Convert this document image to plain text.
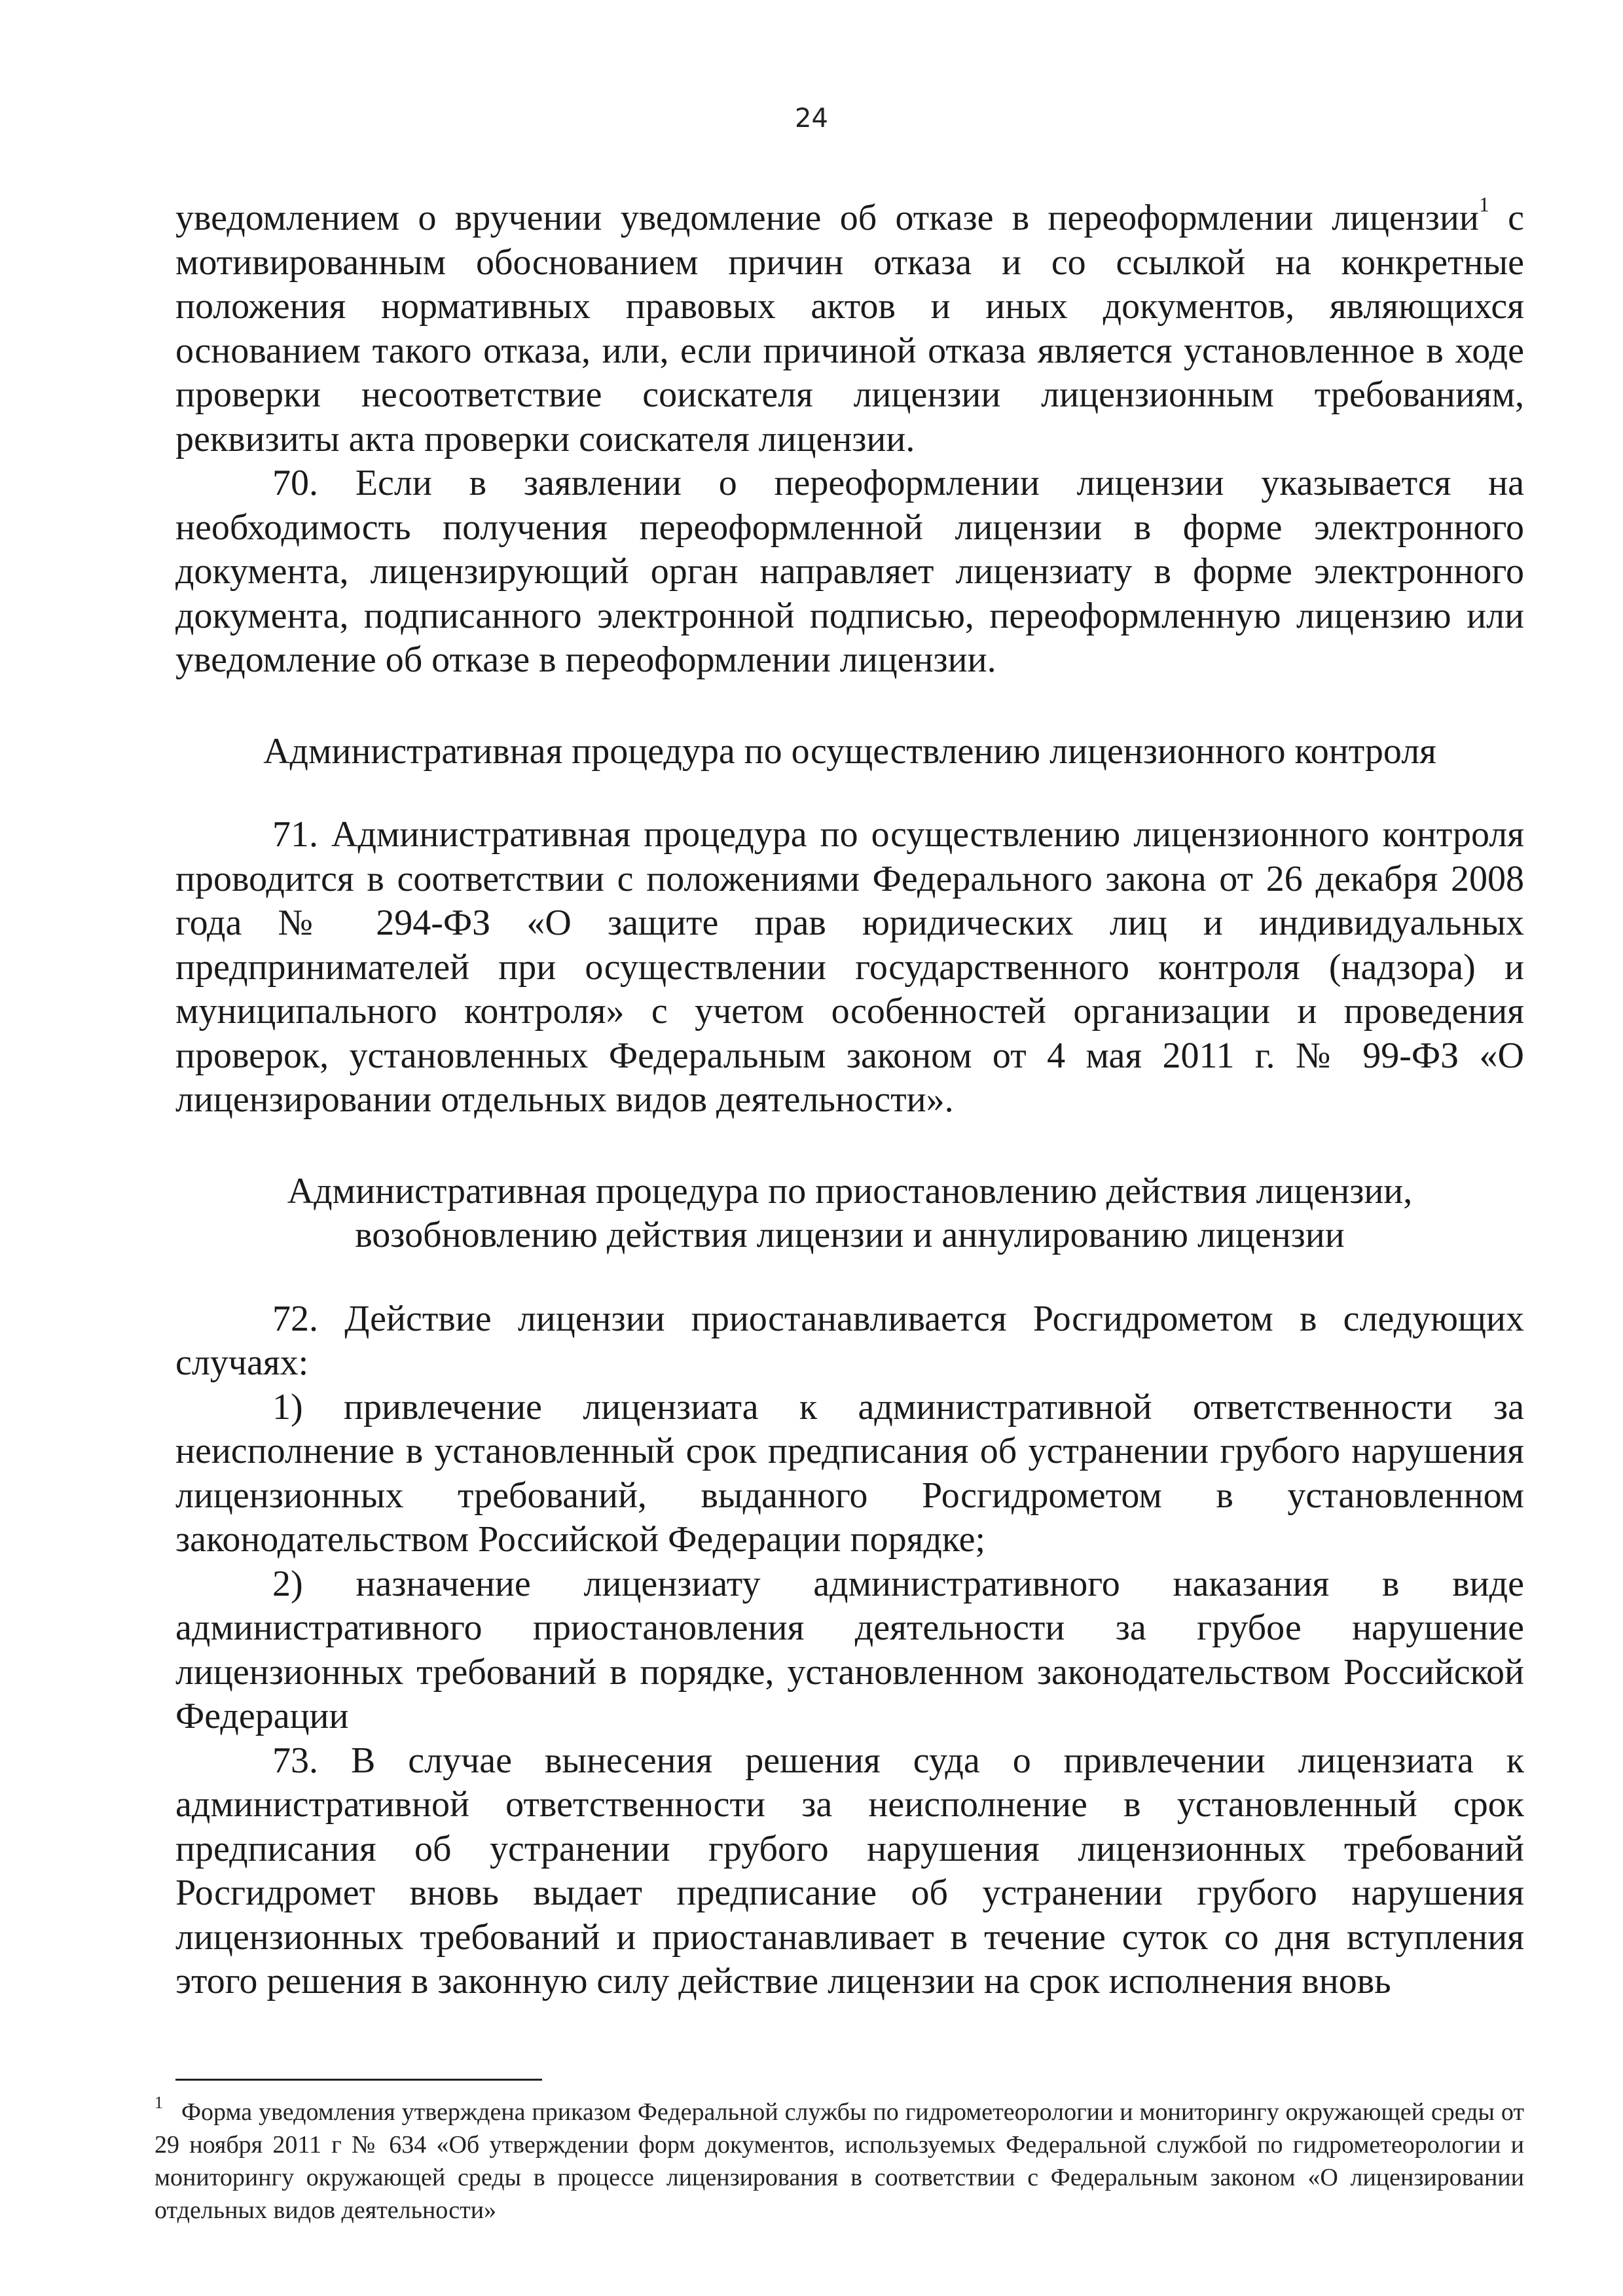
24

уведомлением о вручении уведомление об отказе в переоформлении лицензии$^1$ с мотивированным обоснованием причин отказа и со ссылкой на конкретные положения нормативных правовых актов и иных документов, являющихся основанием такого отказа, или, если причиной отказа является установленное в ходе проверки несоответствие соискателя лицензии лицензионным требованиям, реквизиты акта проверки соискателя лицензии.

70. Если в заявлении о переоформлении лицензии указывается на необходимость получения переоформленной лицензии в форме электронного документа, лицензирующий орган направляет лицензиату в форме электронного документа, подписанного электронной подписью, переоформленную лицензию или уведомление об отказе в переоформлении лицензии.

Административная процедура по осуществлению лицензионного контроля

71. Административная процедура по осуществлению лицензионного контроля проводится в соответствии с положениями Федерального закона от 26 декабря 2008 года № 294-ФЗ «О защите прав юридических лиц и индивидуальных предпринимателей при осуществлении государственного контроля (надзора) и муниципального контроля» с учетом особенностей организации и проведения проверок, установленных Федеральным законом от 4 мая 2011 г. № 99-ФЗ «О лицензировании отдельных видов деятельности».

Административная процедура по приостановлению действия лицензии,
возобновлению действия лицензии и аннулированию лицензии

72. Действие лицензии приостанавливается Росгидрометом в следующих случаях:

1) привлечение лицензиата к административной ответственности за неисполнение в установленный срок предписания об устранении грубого нарушения лицензионных требований, выданного Росгидрометом в установленном законодательством Российской Федерации порядке;

2) назначение лицензиату административного наказания в виде административного приостановления деятельности за грубое нарушение лицензионных требований в порядке, установленном законодательством Российской Федерации

73. В случае вынесения решения суда о привлечении лицензиата к административной ответственности за неисполнение в установленный срок предписания об устранении грубого нарушения лицензионных требований Росгидромет вновь выдает предписание об устранении грубого нарушения лицензионных требований и приостанавливает в течение суток со дня вступления этого решения в законную силу действие лицензии на срок исполнения вновь

$^1$ Форма уведомления утверждена приказом Федеральной службы по гидрометеорологии и мониторингу окружающей среды от 29 ноября 2011 г № 634 «Об утверждении форм документов, используемых Федеральной службой по гидрометеорологии и мониторингу окружающей среды в процессе лицензирования в соответствии с Федеральным законом «О лицензировании отдельных видов деятельности»
